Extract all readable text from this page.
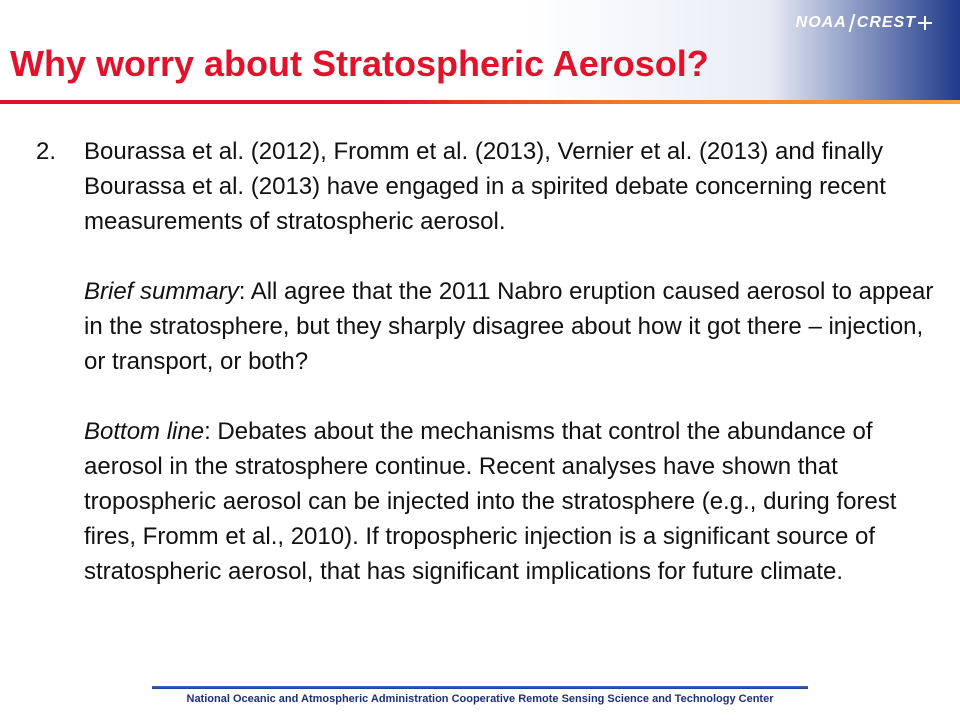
NOAA CREST
Why worry about Stratospheric Aerosol?
2.	Bourassa et al. (2012), Fromm et al. (2013), Vernier et al. (2013) and finally Bourassa et al. (2013) have engaged in a spirited debate concerning recent measurements of stratospheric aerosol.

Brief summary: All agree that the 2011 Nabro eruption caused aerosol to appear in the stratosphere, but they sharply disagree about how it got there – injection, or transport, or both?

Bottom line: Debates about the mechanisms that control the abundance of aerosol in the stratosphere continue. Recent analyses have shown that tropospheric aerosol can be injected into the stratosphere (e.g., during forest fires, Fromm et al., 2010). If tropospheric injection is a significant source of stratospheric aerosol, that has significant implications for future climate.

National Oceanic and Atmospheric Administration Cooperative Remote Sensing Science and Technology Center
